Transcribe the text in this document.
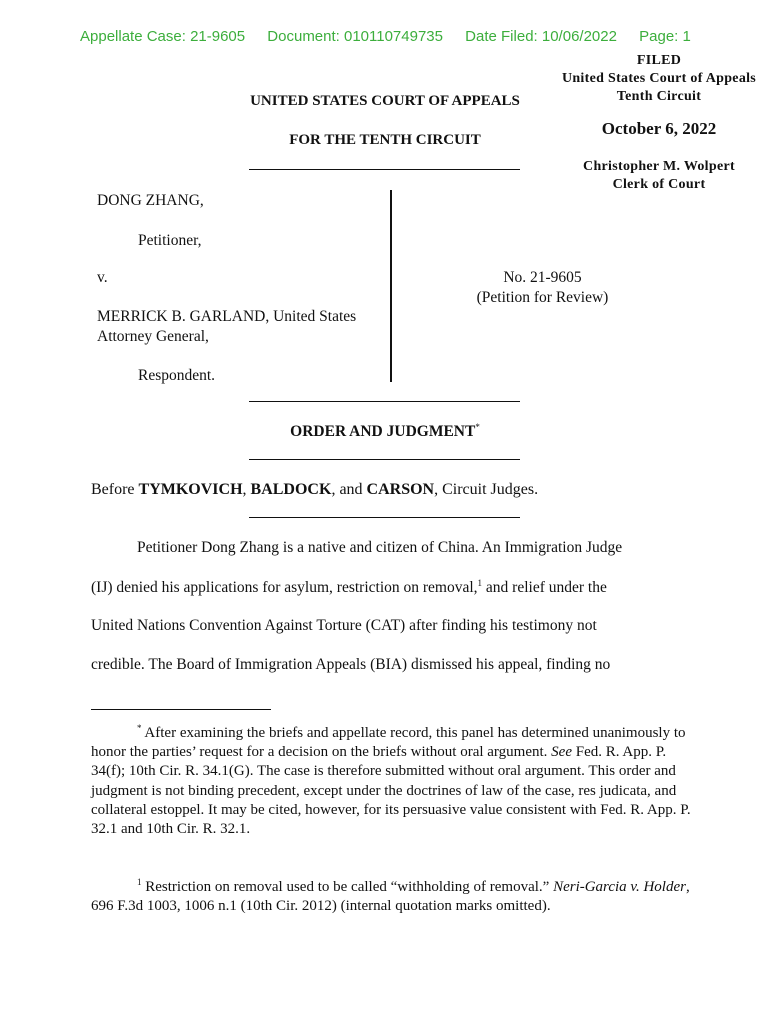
Appellate Case: 21-9605 Document: 010110749735 Date Filed: 10/06/2022 Page: 1
FILED
United States Court of Appeals
Tenth Circuit
October 6, 2022
Christopher M. Wolpert
Clerk of Court
UNITED STATES COURT OF APPEALS
FOR THE TENTH CIRCUIT
DONG ZHANG,
Petitioner,
v.
MERRICK B. GARLAND, United States
Attorney General,
Respondent.
No. 21-9605
(Petition for Review)
ORDER AND JUDGMENT*
Before TYMKOVICH, BALDOCK, and CARSON, Circuit Judges.
Petitioner Dong Zhang is a native and citizen of China. An Immigration Judge
(IJ) denied his applications for asylum, restriction on removal,$^1$ and relief under the
United Nations Convention Against Torture (CAT) after finding his testimony not
credible. The Board of Immigration Appeals (BIA) dismissed his appeal, finding no
* After examining the briefs and appellate record, this panel has determined unanimously to honor the parties’ request for a decision on the briefs without oral argument. See Fed. R. App. P. 34(f); 10th Cir. R. 34.1(G). The case is therefore submitted without oral argument. This order and judgment is not binding precedent, except under the doctrines of law of the case, res judicata, and collateral estoppel. It may be cited, however, for its persuasive value consistent with Fed. R. App. P. 32.1 and 10th Cir. R. 32.1.
$^1$ Restriction on removal used to be called “withholding of removal.” Neri-Garcia v. Holder, 696 F.3d 1003, 1006 n.1 (10th Cir. 2012) (internal quotation marks omitted).
